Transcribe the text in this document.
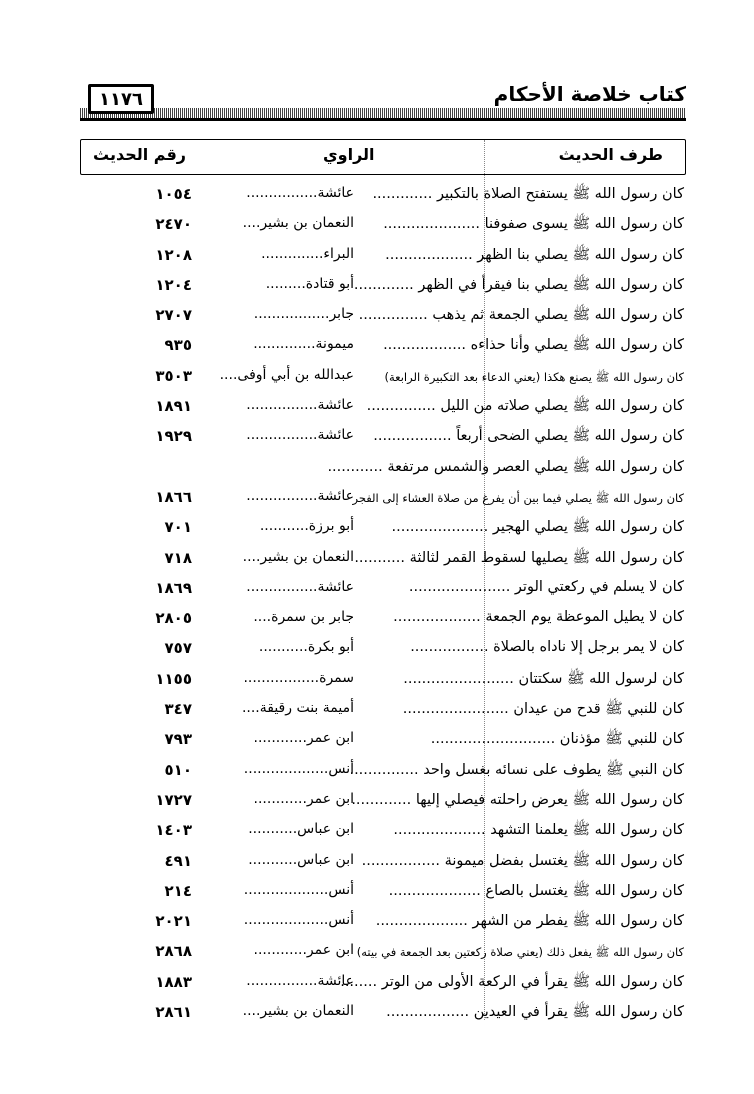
كتاب خلاصة الأحكام
١١٧٦
طرف الحديث
الراوي
رقم الحديث
كان رسول الله ﷺ يستفتح الصلاة بالتكبير .............
عائشة................
١٠٥٤
كان رسول الله ﷺ يسوى صفوفنا .....................
النعمان بن بشير....
٢٤٧٠
كان رسول الله ﷺ يصلي بنا الظهر ...................
البراء..............
١٢٠٨
كان رسول الله ﷺ يصلي بنا فيقرأ في الظهر .............
أبو قتادة.........
١٢٠٤
كان رسول الله ﷺ يصلي الجمعة ثم يذهب ...............
جابر.................
٢٧٠٧
كان رسول الله ﷺ يصلي وأنا حذاءه ..................
ميمونة..............
٩٣٥
كان رسول الله ﷺ يصنع هكذا (يعني الدعاء بعد التكبيرة الرابعة)
عبدالله بن أبي أوفى....
٣٥٠٣
كان رسول الله ﷺ يصلي صلاته من الليل ...............
عائشة................
١٨٩١
كان رسول الله ﷺ يصلي الضحى أربعاً .................
عائشة................
١٩٢٩
كان رسول الله ﷺ يصلي العصر والشمس مرتفعة ............
كان رسول الله ﷺ يصلي فيما بين أن يفرغ من صلاة العشاء إلى الفجر
عائشة................
١٨٦٦
كان رسول الله ﷺ يصلي الهجير .....................
أبو برزة...........
٧٠١
كان رسول الله ﷺ يصليها لسقوط القمر لثالثة ...........
النعمان بن بشير....
٧١٨
كان لا يسلم في ركعتي الوتر ......................
عائشة................
١٨٦٩
كان لا يطيل الموعظة يوم الجمعة ...................
جابر بن سمرة....
٢٨٠٥
كان لا يمر برجل إلا ناداه بالصلاة .................
أبو بكرة...........
٧٥٧
كان لرسول الله ﷺ سكتتان ........................
سمرة.................
١١٥٥
كان للنبي ﷺ قدح من عيدان .......................
أميمة بنت رقيقة....
٣٤٧
كان للنبي ﷺ مؤذنان ...........................
ابن عمر............
٧٩٣
كان النبي ﷺ يطوف على نسائه بغسل واحد ...............
أنس...................
٥١٠
كان رسول الله ﷺ يعرض راحلته فيصلي إليها .............
ابن عمر............
١٧٢٧
كان رسول الله ﷺ يعلمنا التشهد ....................
ابن عباس...........
١٤٠٣
كان رسول الله ﷺ يغتسل بفضل ميمونة .................
ابن عباس...........
٤٩١
كان رسول الله ﷺ يغتسل بالصاع ....................
أنس...................
٢١٤
كان رسول الله ﷺ يفطر من الشهر ....................
أنس...................
٢٠٢١
كان رسول الله ﷺ يفعل ذلك (يعني صلاة ركعتين بعد الجمعة في بيته)
ابن عمر............
٢٨٦٨
كان رسول الله ﷺ يقرأ في الركعة الأولى من الوتر ........
عائشة................
١٨٨٣
كان رسول الله ﷺ يقرأ في العيدين ..................
النعمان بن بشير....
٢٨٦١
